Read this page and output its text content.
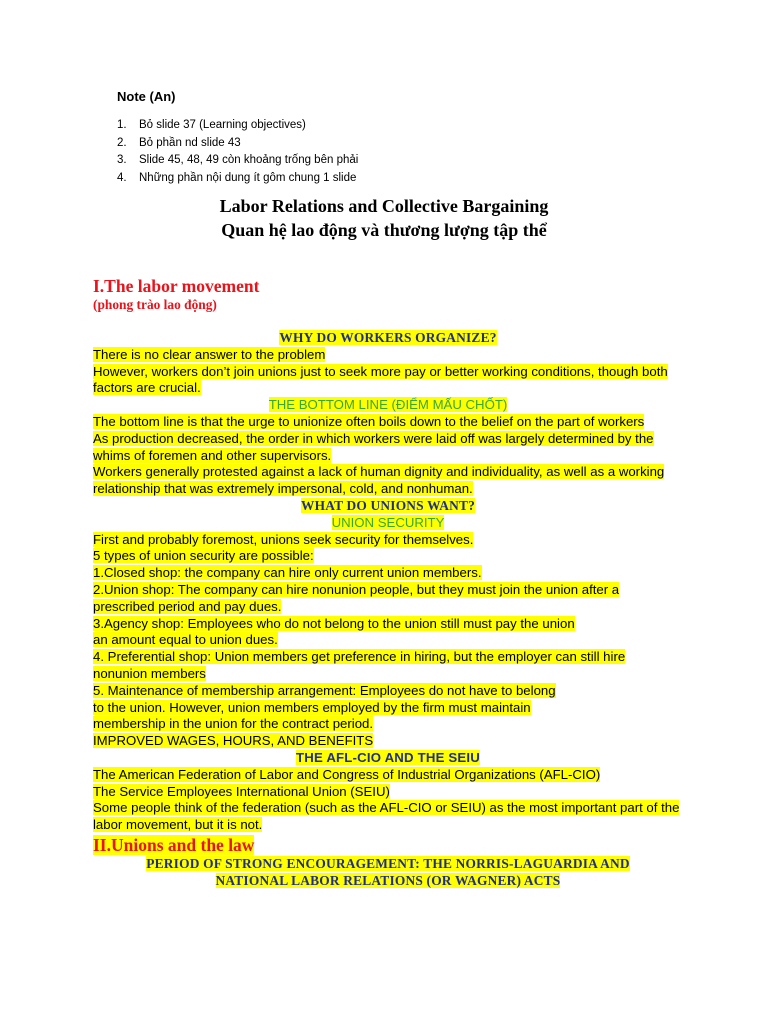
Note (An)
1.	Bỏ slide 37 (Learning objectives)
2.	Bỏ phần nd slide 43
3.	Slide 45, 48, 49 còn khoảng trống bên phải
4.	Những phần nội dung ít gôm chung 1 slide
Labor Relations and Collective Bargaining
Quan hệ lao động và thương lượng tập thể
I.The labor movement
(phong trào lao động)
WHY DO WORKERS ORGANIZE?
There is no clear answer to the problem
However, workers don’t join unions just to seek more pay or better working conditions, though both factors are crucial.
THE BOTTOM LINE (ĐIỂM MẤU CHỐT)
The bottom line is that the urge to unionize often boils down to the belief on the part of workers
As production decreased, the order in which workers were laid off was largely determined by the whims of foremen and other supervisors.
Workers generally protested against a lack of human dignity and individuality, as well as a working relationship that was extremely impersonal, cold, and nonhuman.
WHAT DO UNIONS WANT?
UNION SECURITY
First and probably foremost, unions seek security for themselves.
5 types of union security are possible:
1.Closed shop: the company can hire only current union members.
2.Union shop: The company can hire nonunion people, but they must join the union after a prescribed period and pay dues.
3.Agency shop: Employees who do not belong to the union still must pay the union
an amount equal to union dues.
4. Preferential shop: Union members get preference in hiring, but the employer can still hire nonunion members
5. Maintenance of membership arrangement: Employees do not have to belong
to the union. However, union members employed by the firm must maintain
membership in the union for the contract period.
IMPROVED WAGES, HOURS, AND BENEFITS
THE AFL-CIO AND THE SEIU
The American Federation of Labor and Congress of Industrial Organizations (AFL-CIO)
The Service Employees International Union (SEIU)
Some people think of the federation (such as the AFL-CIO or SEIU) as the most important part of the labor movement, but it is not.
II.Unions and the law
PERIOD OF STRONG ENCOURAGEMENT: THE NORRIS-LAGUARDIA AND
NATIONAL LABOR RELATIONS (OR WAGNER) ACTS
